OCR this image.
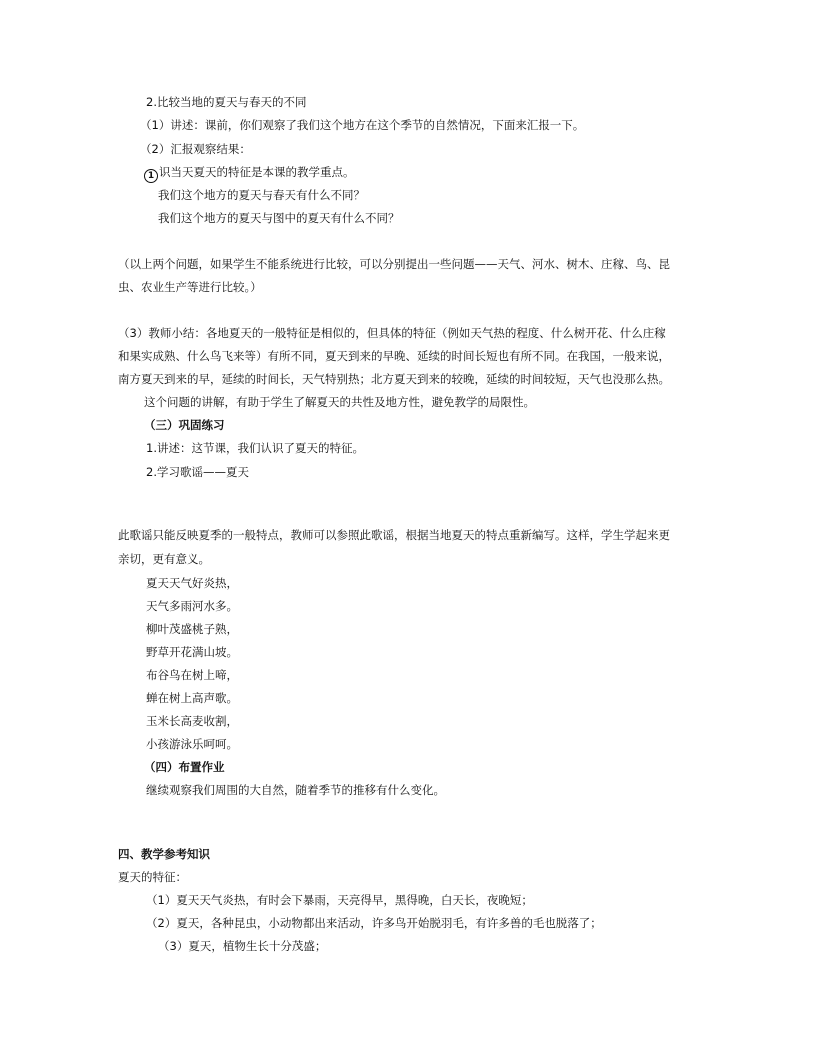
2.比较当地的夏天与春天的不同
（1）讲述：课前，你们观察了我们这个地方在这个季节的自然情况，下面来汇报一下。
（2）汇报观察结果：
1 识当天夏天的特征是本课的教学重点。
我们这个地方的夏天与春天有什么不同？
我们这个地方的夏天与图中的夏天有什么不同？
（以上两个问题，如果学生不能系统进行比较，可以分别提出一些问题——天气、河水、树木、庄稼、鸟、昆
虫、农业生产等进行比较。）
（3）教师小结：各地夏天的一般特征是相似的，但具体的特征（例如天气热的程度、什么树开花、什么庄稼
和果实成熟、什么鸟飞来等）有所不同，夏天到来的早晚、延续的时间长短也有所不同。在我国，一般来说，
南方夏天到来的早，延续的时间长，天气特别热；北方夏天到来的较晚，延续的时间较短，天气也没那么热。
这个问题的讲解，有助于学生了解夏天的共性及地方性，避免教学的局限性。
（三）巩固练习
1.讲述：这节课，我们认识了夏天的特征。
2.学习歌谣——夏天
此歌谣只能反映夏季的一般特点，教师可以参照此歌谣，根据当地夏天的特点重新编写。这样，学生学起来更
亲切，更有意义。
夏天天气好炎热，
天气多雨河水多。
柳叶茂盛桃子熟，
野草开花满山坡。
布谷鸟在树上啼，
蝉在树上高声歌。
玉米长高麦收割，
小孩游泳乐呵呵。
（四）布置作业
继续观察我们周围的大自然，随着季节的推移有什么变化。
四、教学参考知识
夏天的特征：
（1）夏天天气炎热，有时会下暴雨，天亮得早，黑得晚，白天长，夜晚短；
（2）夏天，各种昆虫，小动物都出来活动，许多鸟开始脱羽毛，有许多兽的毛也脱落了；
（3）夏天，植物生长十分茂盛；
